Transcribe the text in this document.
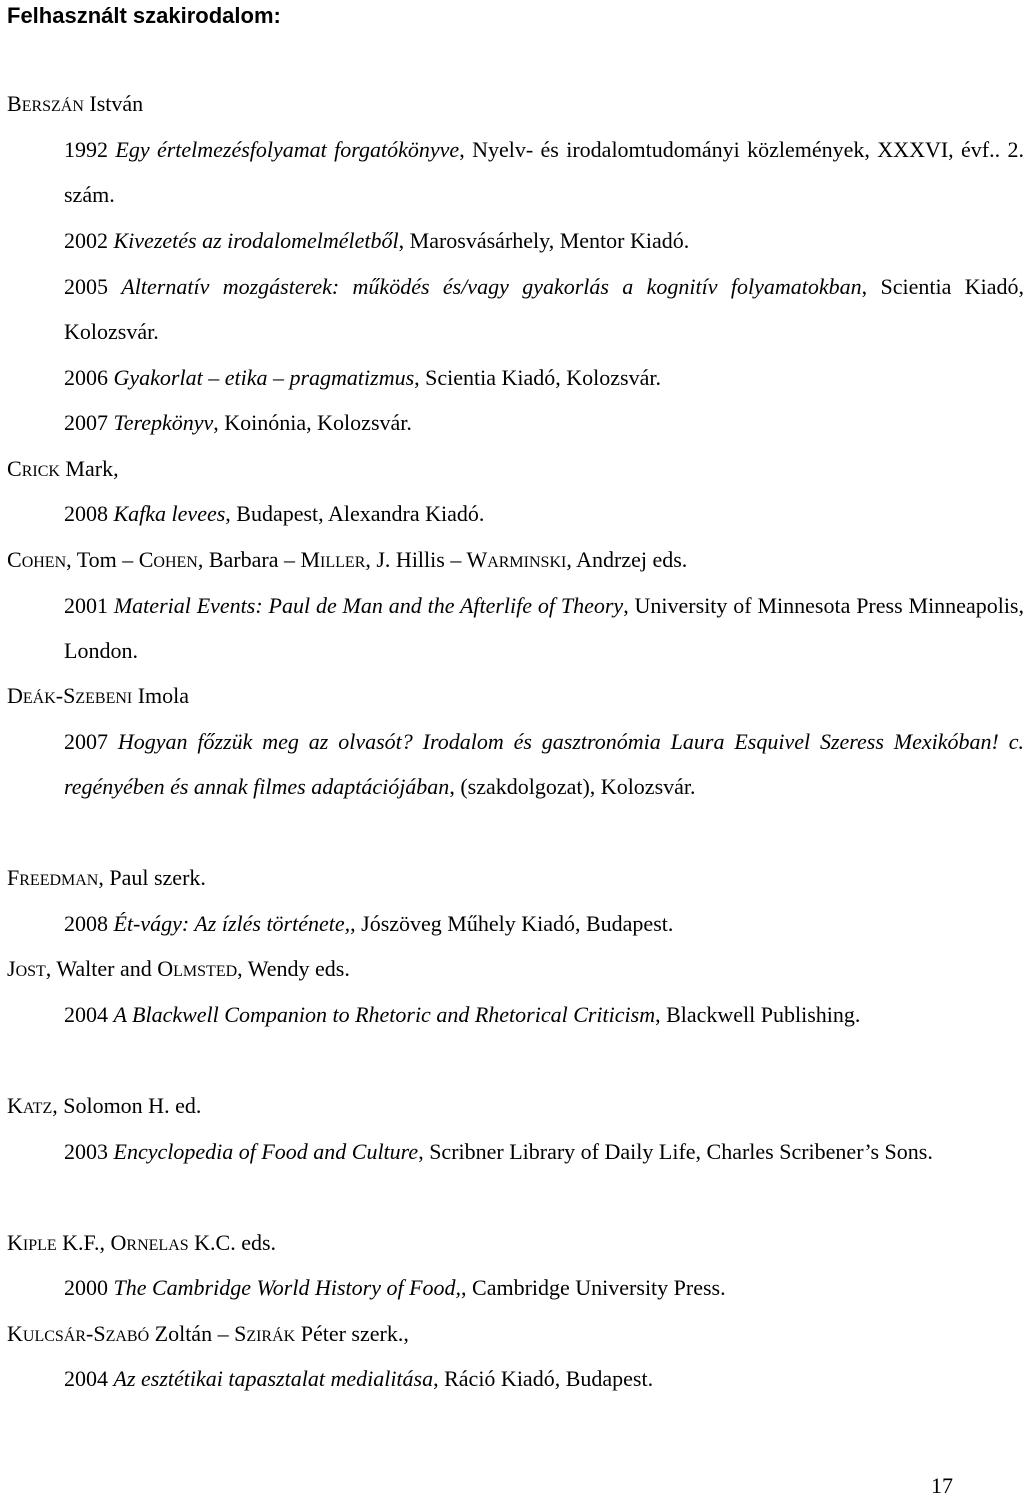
Felhasznált szakirodalom:
BERSZÁN István
1992 Egy értelmezésfolyamat forgatókönyve, Nyelv- és irodalomtudományi közlemények, XXXVI, évf.. 2. szám.
2002 Kivezetés az irodalomelméletből, Marosvásárhely, Mentor Kiadó.
2005 Alternatív mozgásterek: működés és/vagy gyakorlás a kognitív folyamatokban, Scientia Kiadó, Kolozsvár.
2006 Gyakorlat – etika – pragmatizmus, Scientia Kiadó, Kolozsvár.
2007 Terepkönyv, Koinónia, Kolozsvár.
CRICK Mark,
2008 Kafka levees, Budapest, Alexandra Kiadó.
COHEN, Tom – COHEN, Barbara – MILLER, J. Hillis – WARMINSKI, Andrzej eds.
2001 Material Events: Paul de Man and the Afterlife of Theory, University of Minnesota Press Minneapolis, London.
DEÁK-SZEBENI Imola
2007 Hogyan főzzük meg az olvasót? Irodalom és gasztronómia Laura Esquivel Szeress Mexikóban! c. regényében és annak filmes adaptációjában, (szakdolgozat), Kolozsvár.
FREEDMAN, Paul szerk.
2008 Ét-vágy: Az ízlés története,, Jószöveg Műhely Kiadó, Budapest.
JOST, Walter and OLMSTED, Wendy eds.
2004 A Blackwell Companion to Rhetoric and Rhetorical Criticism, Blackwell Publishing.
KATZ, Solomon H. ed.
2003 Encyclopedia of Food and Culture, Scribner Library of Daily Life, Charles Scribener’s Sons.
KIPLE K.F., ORNELAS K.C. eds.
2000 The Cambridge World History of Food,, Cambridge University Press.
KULCSÁR-SZABÓ Zoltán – SZIRÁK Péter szerk.,
2004 Az esztétikai tapasztalat medialitása, Ráció Kiadó, Budapest.
17
